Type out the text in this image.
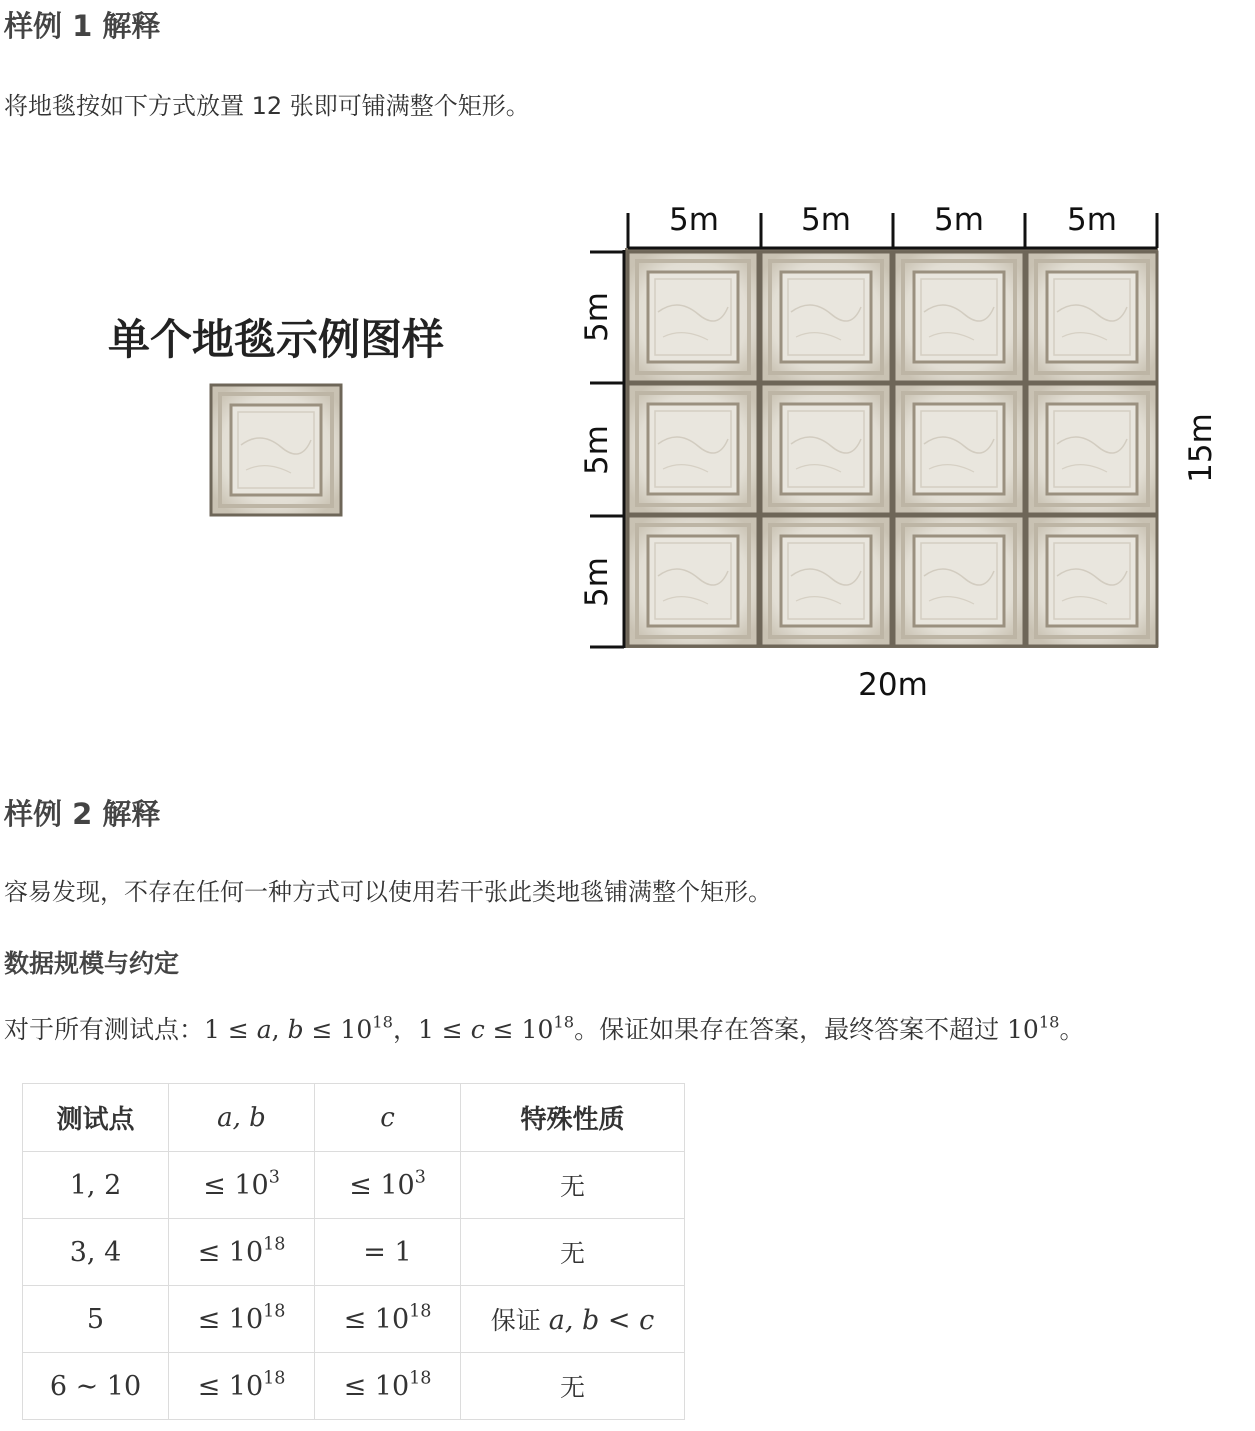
样例 1 解释
将地毯按如下方式放置 12 张即可铺满整个矩形。
单个地毯示例图样
5m	5m	5m	5m
5m
5m
5m
15m
20m
样例 2 解释
容易发现，不存在任何一种方式可以使用若干张此类地毯铺满整个矩形。
数据规模与约定
对于所有测试点：1 ≤ a, $b \le 10^{18}$，$1 \le c \le 10^{18}$。保证如果存在答案，最终答案不超过 $10^{18}$。
测试点	a, b	c	特殊性质
1, 2	≤ $10^3$	≤ $10^3$	无
3, 4	≤ $10^{18}$	= 1	无
5	≤ $10^{18}$	≤ $10^{18}$	保证 a, b < c
6 ∼ 10	≤ $10^{18}$	≤ $10^{18}$	无
